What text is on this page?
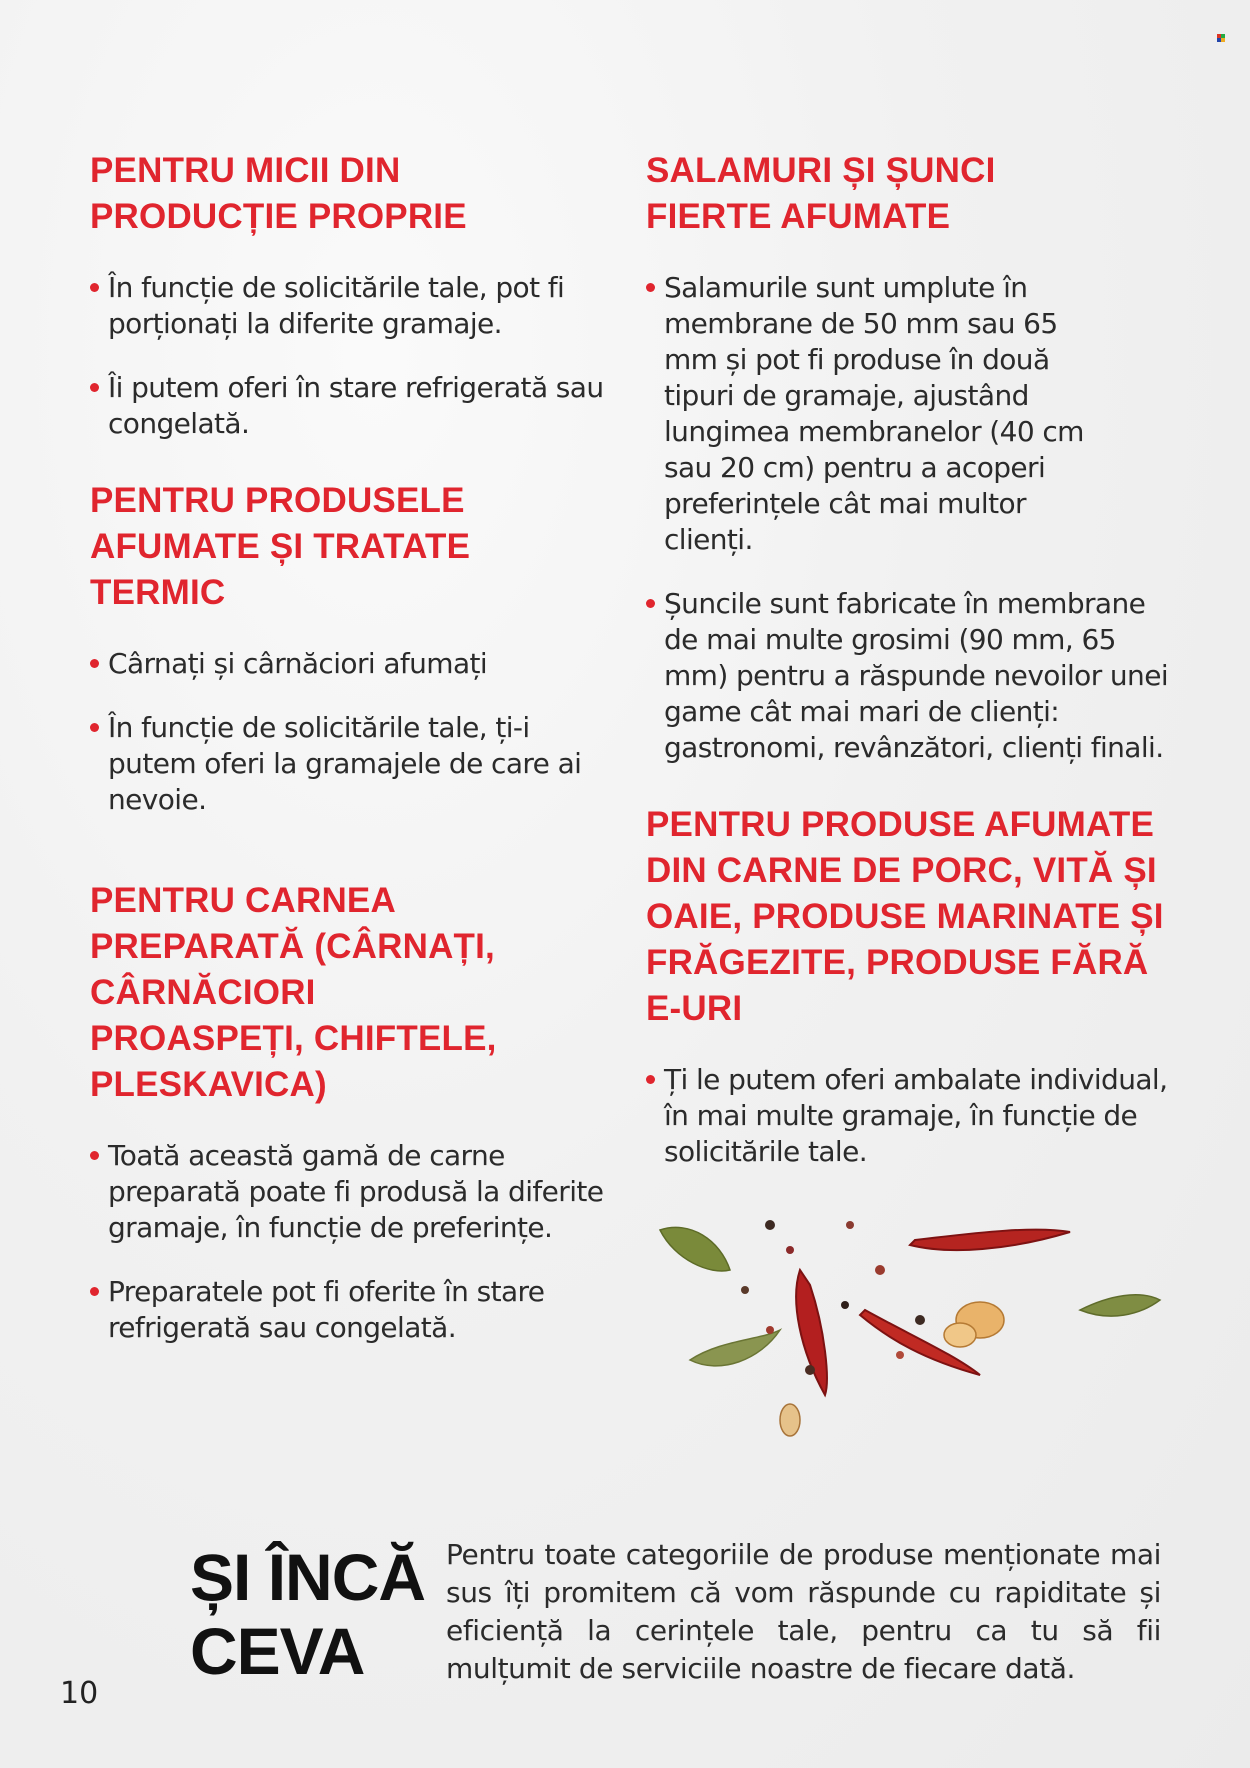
PENTRU MICII DIN PRODUCȚIE PROPRIE
În funcție de solicitările tale, pot fi porționați la diferite gramaje.
Îi putem oferi în stare refrigerată sau congelată.
PENTRU PRODUSELE AFUMATE ȘI TRATATE TERMIC
Cârnați și cârnăciori afumați
În funcție de solicitările tale, ți-i putem oferi la gramajele de care ai nevoie.
PENTRU CARNEA PREPARATĂ (CÂRNAȚI, CÂRNĂCIORI PROASPEȚI, CHIFTELE, PLESKAVICA)
Toată această gamă de carne preparată poate fi produsă la diferite gramaje, în funcție de preferințe.
Preparatele pot fi oferite în stare refrigerată sau congelată.
SALAMURI ȘI ȘUNCI FIERTE AFUMATE
Salamurile sunt umplute în membrane de 50 mm sau 65 mm și pot fi produse în două tipuri de gramaje, ajustând lungimea membranelor (40 cm sau 20 cm) pentru a acoperi preferințele cât mai multor clienți.
Șuncile sunt fabricate în membrane de mai multe grosimi (90 mm, 65 mm) pentru a răspunde nevoilor unei game cât mai mari de clienți: gastronomi, revânzători, clienți finali.
PENTRU PRODUSE AFUMATE DIN CARNE DE PORC, VITĂ ȘI OAIE, PRODUSE MARINATE ȘI FRĂGEZITE, PRODUSE FĂRĂ E-URI
Ți le putem oferi ambalate individual, în mai multe gramaje, în funcție de solicitările tale.
ȘI ÎNCĂ
CEVA
Pentru toate categoriile de produse menționate mai sus îți promitem că vom răspunde cu rapiditate și eficiență la cerințele tale, pentru ca tu să fii mulțumit de serviciile noastre de fiecare dată.
10
